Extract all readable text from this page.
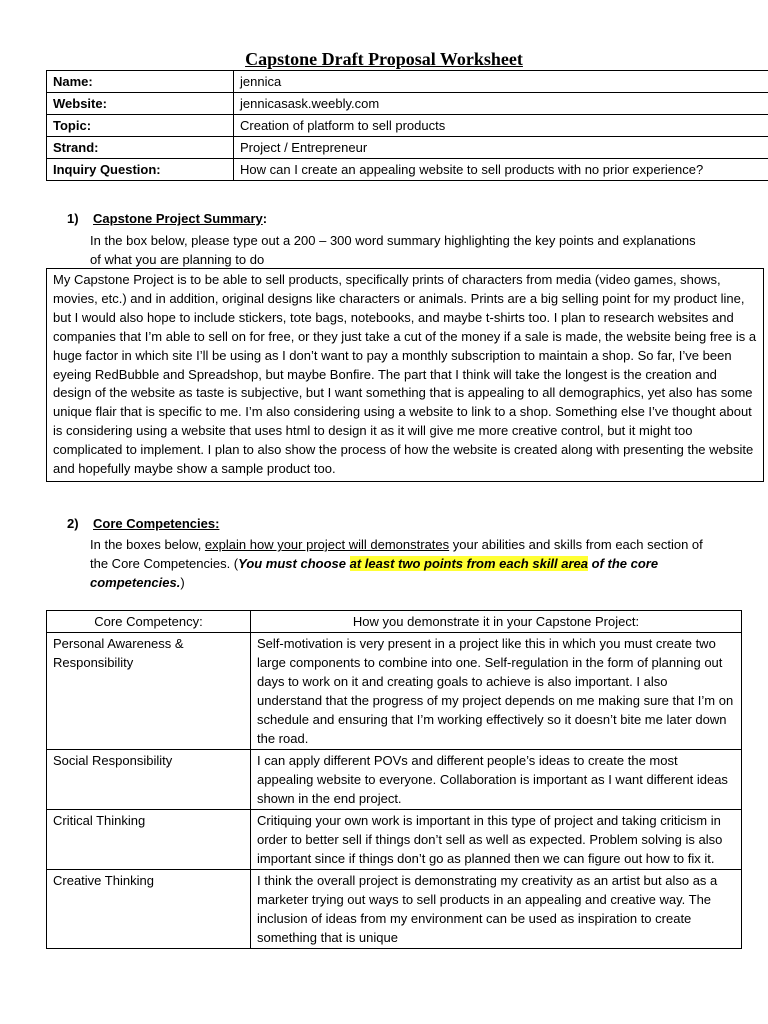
Capstone Draft Proposal Worksheet
Name:	jennica
Website:	jennicasask.weebly.com
Topic:	Creation of platform to sell products
Strand:	Project / Entrepreneur
Inquiry Question:	How can I create an appealing website to sell products with no prior experience?
1) Capstone Project Summary:
In the box below, please type out a 200 – 300 word summary highlighting the key points and explanations of what you are planning to do
My Capstone Project is to be able to sell products, specifically prints of characters from media (video games, shows, movies, etc.) and in addition, original designs like characters or animals. Prints are a big selling point for my product line, but I would also hope to include stickers, tote bags, notebooks, and maybe t-shirts too. I plan to research websites and companies that I’m able to sell on for free, or they just take a cut of the money if a sale is made, the website being free is a huge factor in which site I’ll be using as I don’t want to pay a monthly subscription to maintain a shop. So far, I’ve been eyeing RedBubble and Spreadshop, but maybe Bonfire. The part that I think will take the longest is the creation and design of the website as taste is subjective, but I want something that is appealing to all demographics, yet also has some unique flair that is specific to me. I’m also considering using a website to link to a shop. Something else I’ve thought about is considering using a website that uses html to design it as it will give me more creative control, but it might too complicated to implement. I plan to also show the process of how the website is created along with presenting the website and hopefully maybe show a sample product too.
2) Core Competencies:
In the boxes below, explain how your project will demonstrates your abilities and skills from each section of the Core Competencies. (You must choose at least two points from each skill area of the core competencies.)
Core Competency:	How you demonstrate it in your Capstone Project:
Personal Awareness & Responsibility	Self-motivation is very present in a project like this in which you must create two large components to combine into one. Self-regulation in the form of planning out days to work on it and creating goals to achieve is also important. I also understand that the progress of my project depends on me making sure that I’m on schedule and ensuring that I’m working effectively so it doesn’t bite me later down the road.
Social Responsibility	I can apply different POVs and different people’s ideas to create the most appealing website to everyone. Collaboration is important as I want different ideas shown in the end project.
Critical Thinking	Critiquing your own work is important in this type of project and taking criticism in order to better sell if things don’t sell as well as expected. Problem solving is also important since if things don’t go as planned then we can figure out how to fix it.
Creative Thinking	I think the overall project is demonstrating my creativity as an artist but also as a marketer trying out ways to sell products in an appealing and creative way. The inclusion of ideas from my environment can be used as inspiration to create something that is unique
